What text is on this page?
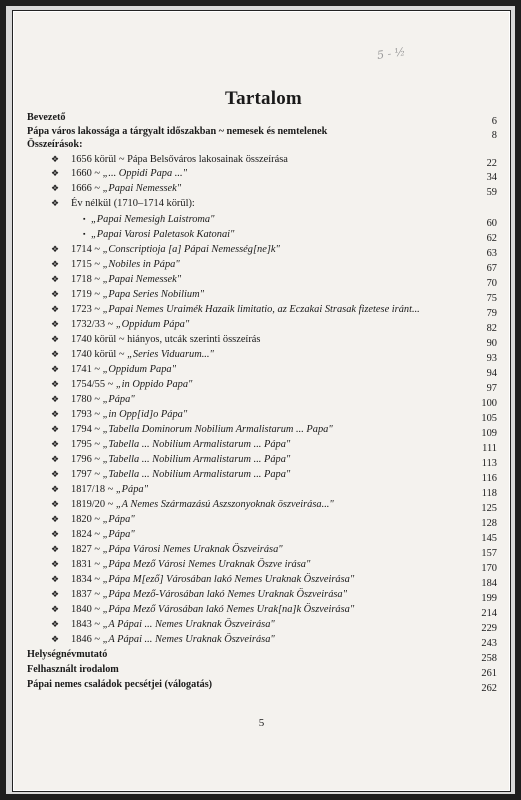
5 - ½
Tartalom
Bevezető	6
Pápa város lakossága a tárgyalt időszakban ~ nemesek és nemtelenek	8
Összeírások:
❖ 1656 körül ~ Pápa Belsőváros lakosainak összeírása	22
❖ 1660 ~ „... Oppidi Papa ..."	34
❖ 1666 ~ „Papai Nemessek"	59
❖ Év nélkül (1710–1714 körül):
▪ „Papai Nemesigh Laistroma"	60
▪ „Papai Varosi Paletasok Katonai"	62
❖ 1714 ~ „Conscriptioja [a] Pápai Nemesség[ne]k"	63
❖ 1715 ~ „Nobiles in Pápa"	67
❖ 1718 ~ „Papai Nemessek"	70
❖ 1719 ~ „Papa Series Nobilium"	75
❖ 1723 ~ „Papai Nemes Uraimék Hazaik limitatio, az Eczakai Strasak fizetese iránt...	79
❖ 1732/33 ~ „Oppidum Pápa"	82
❖ 1740 körül ~ hiányos, utcák szerinti összeírás	90
❖ 1740 körül ~ „Series Viduarum..."	93
❖ 1741 ~ „Oppidum Papa"	94
❖ 1754/55 ~ „in Oppido Papa"	97
❖ 1780 ~ „Pápa"	100
❖ 1793 ~ „in Opp[id]o Pápa"	105
❖ 1794 ~ „Tabella Dominorum Nobilium Armalistarum ... Papa"	109
❖ 1795 ~ „Tabella ... Nobilium Armalistarum ... Pápa"	111
❖ 1796 ~ „Tabella ... Nobilium Armalistarum ... Pápa"	113
❖ 1797 ~ „Tabella ... Nobilium Armalistarum ... Papa"	116
❖ 1817/18 ~ „Pápa"	118
❖ 1819/20 ~ „A Nemes Származású Aszszonyoknak öszveirása..."	125
❖ 1820 ~ „Pápa"	128
❖ 1824 ~ „Pápa"	145
❖ 1827 ~ „Pápa Városi Nemes Uraknak Öszveirása"	157
❖ 1831 ~ „Pápa Mező Városi Nemes Uraknak Öszve irása"	170
❖ 1834 ~ „Pápa M[ező] Városában lakó Nemes Uraknak Öszveirása"	184
❖ 1837 ~ „Pápa Mező-Városában lakó Nemes Uraknak Öszveirása"	199
❖ 1840 ~ „Pápa Mező Városában lakó Nemes Urak[na]k Öszveirása"	214
❖ 1843 ~ „A Pápai ... Nemes Uraknak Öszveirása"	229
❖ 1846 ~ „A Pápai ... Nemes Uraknak Öszveirása"	243
Helységnévmutató	258
Felhasznált irodalom	261
Pápai nemes családok pecsétjei (válogatás)	262
5
